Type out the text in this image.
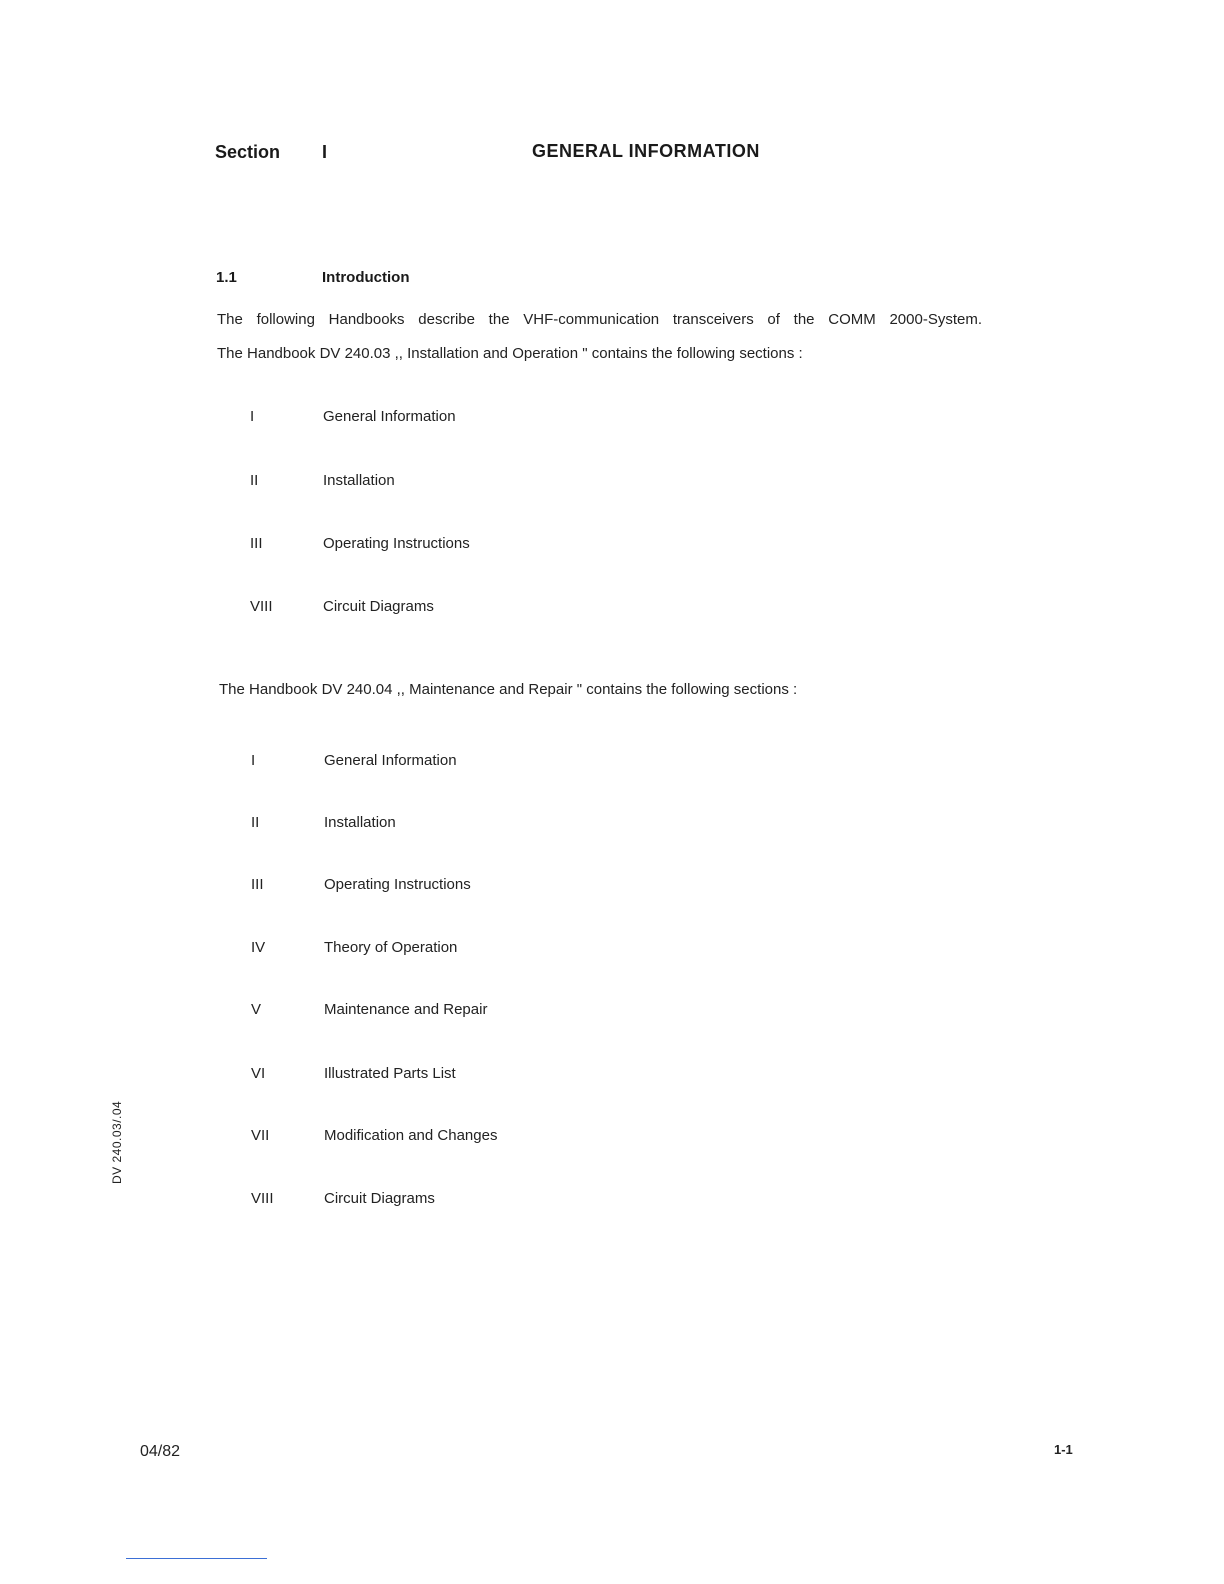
Section I	GENERAL INFORMATION
1.1	Introduction
The following Handbooks describe the VHF-communication transceivers of the COMM 2000-System.
The Handbook DV 240.03 ,, Installation and Operation " contains the following sections :
I	General Information
II	Installation
III	Operating Instructions
VIII	Circuit Diagrams
The Handbook DV 240.04 ,, Maintenance and Repair " contains the following sections :
I	General Information
II	Installation
III	Operating Instructions
IV	Theory of Operation
V	Maintenance and Repair
VI	Illustrated Parts List
VII	Modification and Changes
VIII	Circuit Diagrams
DV 240.03/.04
04/82	1-1
